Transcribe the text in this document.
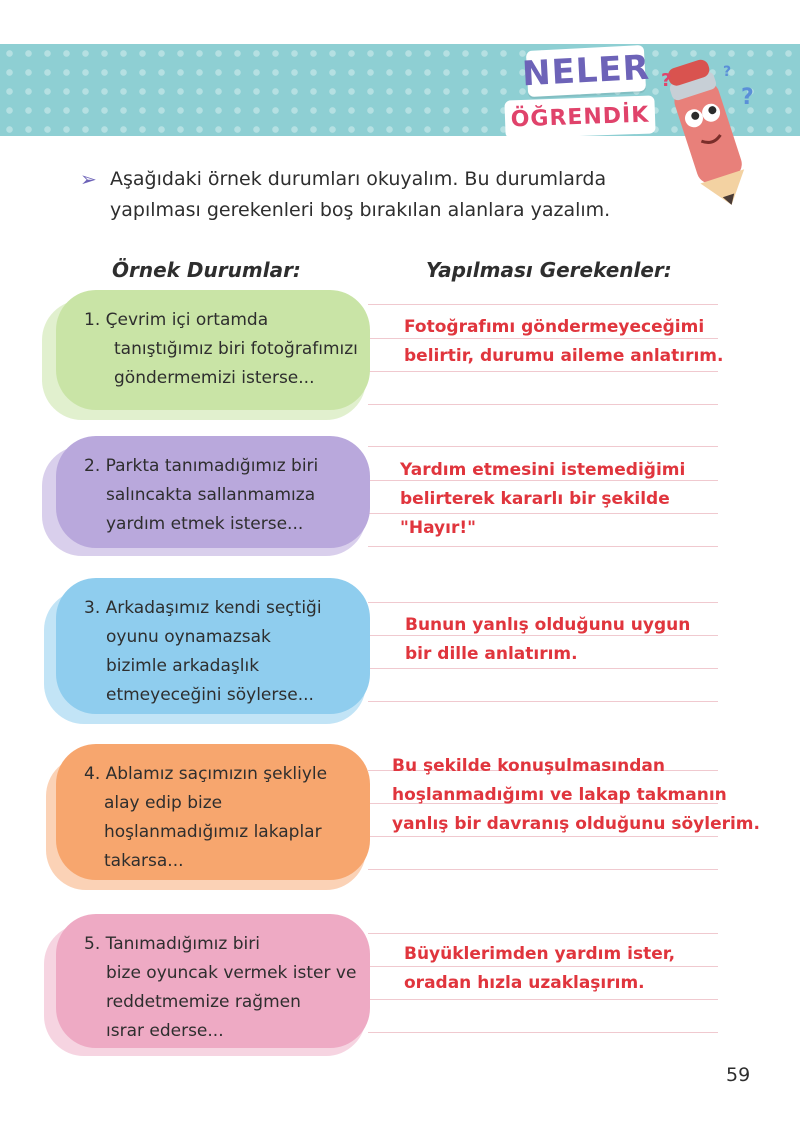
NELER
ÖĞRENDİK
?
?
?
➢ Aşağıdaki örnek durumları okuyalım. Bu durumlarda
yapılması gerekenleri boş bırakılan alanlara yazalım.
Örnek Durumlar:	Yapılması Gerekenler:
1. Çevrim içi ortamda
tanıştığımız biri fotoğrafımızı
göndermemizi isterse...
2. Parkta tanımadığımız biri
salıncakta sallanmamıza
yardım etmek isterse...
3. Arkadaşımız kendi seçtiği
oyunu oynamazsak
bizimle arkadaşlık
etmeyeceğini söylerse...
4. Ablamız saçımızın şekliyle
alay edip bize
hoşlanmadığımız lakaplar
takarsa...
5. Tanımadığımız biri
bize oyuncak vermek ister ve
reddetmemize rağmen
ısrar ederse...
Fotoğrafımı göndermeyeceğimi
belirtir, durumu aileme anlatırım.
Yardım etmesini istemediğimi
belirterek kararlı bir şekilde
"Hayır!"
Bunun yanlış olduğunu uygun
bir dille anlatırım.
Bu şekilde konuşulmasından
hoşlanmadığımı ve lakap takmanın
yanlış bir davranış olduğunu söylerim.
Büyüklerimden yardım ister,
oradan hızla uzaklaşırım.
59
